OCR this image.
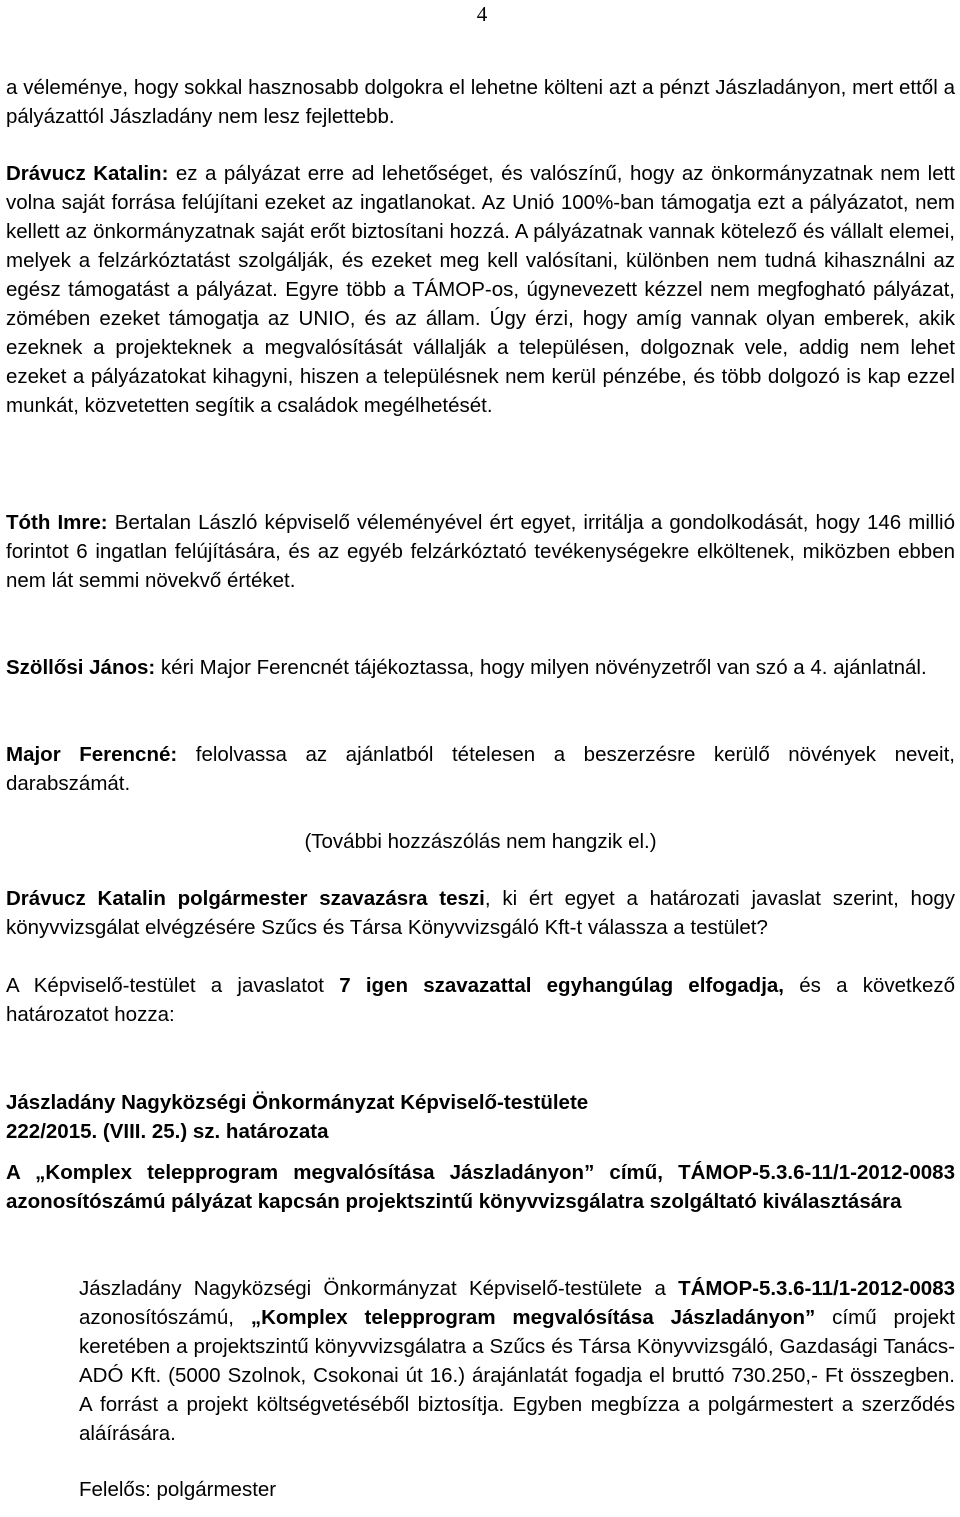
4

a véleménye, hogy sokkal hasznosabb dolgokra el lehetne költeni azt a pénzt Jászladányon, mert ettől a pályázattól Jászladány nem lesz fejlettebb.

Drávucz Katalin: ez a pályázat erre ad lehetőséget, és valószínű, hogy az önkormányzatnak nem lett volna saját forrása felújítani ezeket az ingatlanokat. Az Unió 100%-ban támogatja ezt a pályázatot, nem kellett az önkormányzatnak saját erőt biztosítani hozzá. A pályázatnak vannak kötelező és vállalt elemei, melyek a felzárkóztatást szolgálják, és ezeket meg kell valósítani, különben nem tudná kihasználni az egész támogatást a pályázat. Egyre több a TÁMOP-os, úgynevezett kézzel nem megfogható pályázat, zömében ezeket támogatja az UNIO, és az állam. Úgy érzi, hogy amíg vannak olyan emberek, akik ezeknek a projekteknek a megvalósítását vállalják a településen, dolgoznak vele, addig nem lehet ezeket a pályázatokat kihagyni, hiszen a településnek nem kerül pénzébe, és több dolgozó is kap ezzel munkát, közvetetten segítik a családok megélhetését.

Tóth Imre: Bertalan László képviselő véleményével ért egyet, irritálja a gondolkodását, hogy 146 millió forintot 6 ingatlan felújítására, és az egyéb felzárkóztató tevékenységekre elköltenek, miközben ebben nem lát semmi növekvő értéket.

Szöllősi János: kéri Major Ferencnét tájékoztassa, hogy milyen növényzetről van szó a 4. ajánlatnál.

Major Ferencné: felolvassa az ajánlatból tételesen a beszerzésre kerülő növények neveit, darabszámát.

(További hozzászólás nem hangzik el.)

Drávucz Katalin polgármester szavazásra teszi, ki ért egyet a határozati javaslat szerint, hogy könyvvizsgálat elvégzésére Szűcs és Társa Könyvvizsgáló Kft-t válassza a testület?

A Képviselő-testület a javaslatot 7 igen szavazattal egyhangúlag elfogadja, és a következő határozatot hozza:

Jászladány Nagyközségi Önkormányzat Képviselő-testülete

222/2015. (VIII. 25.) sz. határozata

A „Komplex telepprogram megvalósítása Jászladányon” című, TÁMOP-5.3.6-11/1-2012-0083 azonosítószámú pályázat kapcsán projektszintű könyvvizsgálatra szolgáltató kiválasztására

Jászladány Nagyközségi Önkormányzat Képviselő-testülete a TÁMOP-5.3.6-11/1-2012-0083 azonosítószámú, „Komplex telepprogram megvalósítása Jászladányon” című projekt keretében a projektszintű könyvvizsgálatra a Szűcs és Társa Könyvvizsgáló, Gazdasági Tanács-ADÓ Kft. (5000 Szolnok, Csokonai út 16.) árajánlatát fogadja el bruttó 730.250,- Ft összegben. A forrást a projekt költségvetéséből biztosítja. Egyben megbízza a polgármestert a szerződés aláírására.

Felelős: polgármester
